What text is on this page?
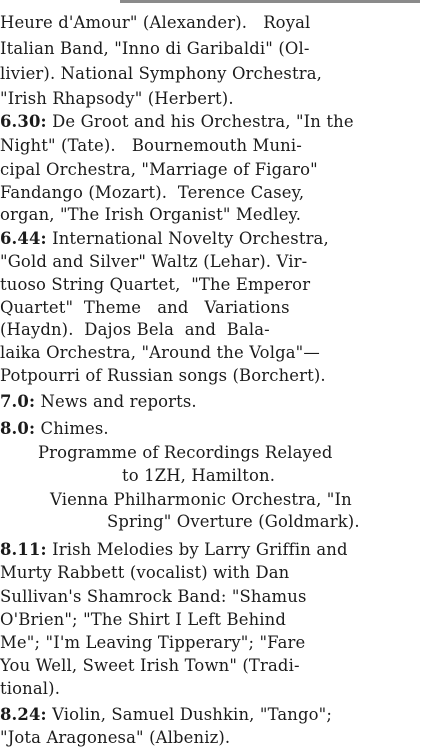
Heure d'Amour" (Alexander).   Royal
Italian Band, "Inno di Garibaldi" (Ol-
livier). National Symphony Orchestra,
"Irish Rhapsody" (Herbert).
6.30: De Groot and his Orchestra, "In the
Night" (Tate).   Bournemouth Muni-
cipal Orchestra, "Marriage of Figaro"
Fandango (Mozart).  Terence Casey,
organ, "The Irish Organist" Medley.
6.44: International Novelty Orchestra,
"Gold and Silver" Waltz (Lehar). Vir-
tuoso String Quartet,  "The Emperor
Quartet"  Theme   and   Variations
(Haydn).  Dajos Bela  and  Bala-
laika Orchestra, "Around the Volga"—
Potpourri of Russian songs (Borchert).
7.0: News and reports.
8.0: Chimes.
Programme of Recordings Relayed
to 1ZH, Hamilton.
Vienna Philharmonic Orchestra, "In
Spring" Overture (Goldmark).
8.11: Irish Melodies by Larry Griffin and
Murty Rabbett (vocalist) with Dan
Sullivan's Shamrock Band: "Shamus
O'Brien"; "The Shirt I Left Behind
Me"; "I'm Leaving Tipperary"; "Fare
You Well, Sweet Irish Town" (Tradi-
tional).
8.24: Violin, Samuel Dushkin, "Tango";
"Jota Aragonesa" (Albeniz).
